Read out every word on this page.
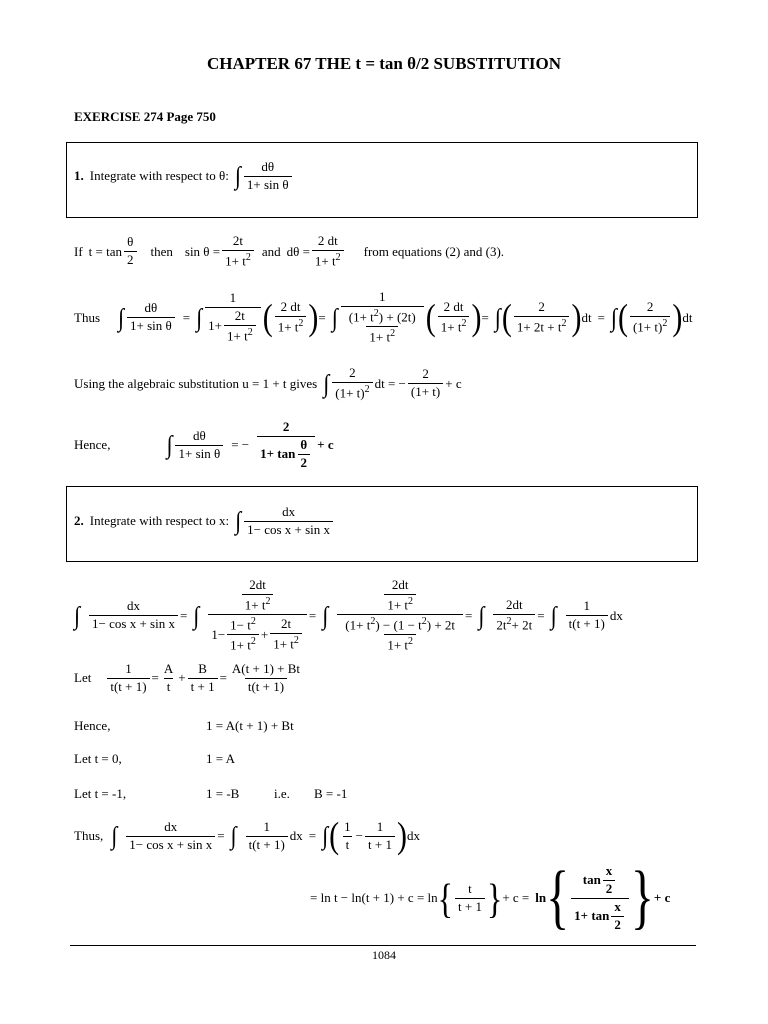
CHAPTER 67 THE t = tan θ/2 SUBSTITUTION
EXERCISE 274 Page 750
1. Integrate with respect to θ: ∫ $\frac{d\theta}{\text{1+ sin θ}}$
If $t = \tan \frac{\theta}{2}$ then $\sin \theta = \frac{2t}{1+ t^2}$ and $d\theta = \frac{2 dt}{1+ t^2}$ from equations (2) and (3).
Thus ∫ $\frac{d\theta}{\text{1+ sin θ}}$ = ∫ $\frac{1}{1+ \frac{2t}{1+ t^2}}$ ( $\frac{2 dt}{1+ t^2}$ ) = ∫ $\frac{1}{\frac{(1+ t^2) + (2t)}{1+ t^2}}$ ( $\frac{2 dt}{1+ t^2}$ ) = ∫ ( $\frac{2}{1+ 2t + t^2}$ ) dt = ∫ ( $\frac{2}{(1+ t)^2}$ ) dt
Using the algebraic substitution u = 1 + t gives ∫ $\frac{2}{(1+ t)^2}$ dt = − $\frac{2}{(1+ t)} + c$
Hence,	∫ $\frac{d\theta}{\text{1+ sin θ}}$ = − $\frac{2}{1+ \tan \frac{\theta}{2}} + c$
2. Integrate with respect to x: ∫ $\frac{dx}{\text{1− cos x + sin x}}$
∫ $\frac{dx}{\text{1− cos x + sin x}}$ = ∫ $\frac{\frac{2dt}{1+ t^2}}{1- \frac{1- t^2}{1+ t^2} + \frac{2t}{1+ t^2}}$ = ∫ $\frac{\frac{2dt}{1+ t^2}}{\frac{(1+ t^2) - (1 - t^2) + 2t}{1+ t^2}}$ = ∫ $\frac{2dt}{2t^2+ 2t}$ = ∫ $\frac{1}{t(t + 1)}$ dx
Let $\frac{1}{t(t + 1)} = \frac{A}{t} + \frac{B}{t + 1} = \frac{A(t + 1) + Bt}{t(t + 1)}$
Hence,	1 = A(t + 1) + Bt
Let t = 0,	1 = A
Let t = -1,	1 = -B	i.e. B = -1
Thus, ∫ $\frac{dx}{\text{1− cos x + sin x}}$ = ∫ $\frac{1}{t(t + 1)}$ dx = ∫ ( $\frac{1}{t} - \frac{1}{t + 1}$ ) dx
= ln t − ln(t + 1) + c = ln { $\frac{t}{t + 1}$ } + c = ln { $\frac{\tan \frac{x}{2}}{1+ \tan \frac{x}{2}}$ } + c
1084
